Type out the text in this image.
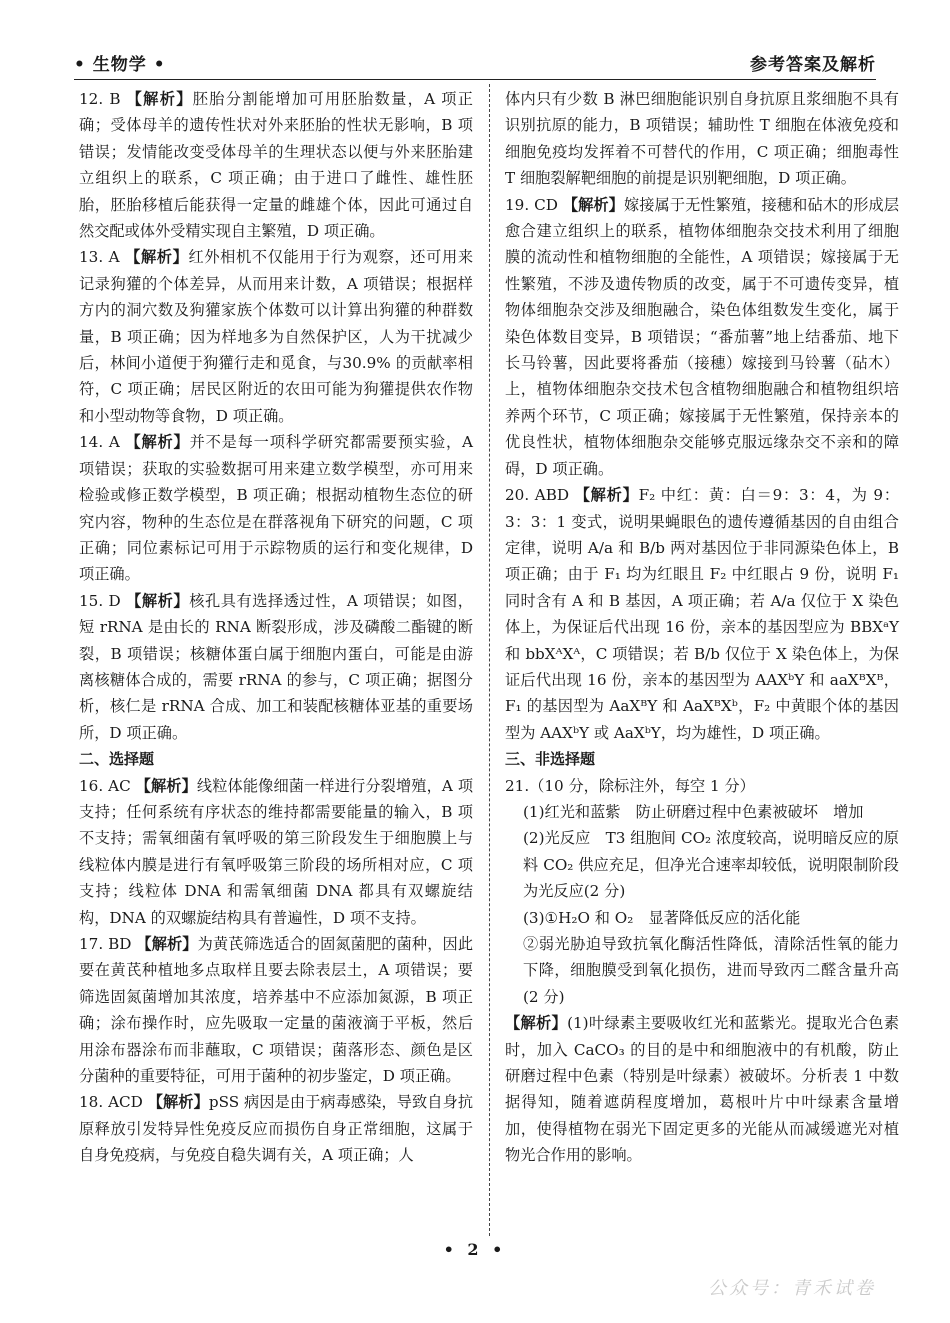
• 生物学 •	参考答案及解析

12. B 【解析】胚胎分割能增加可用胚胎数量，A 项正确；受体母羊的遗传性状对外来胚胎的性状无影响，B 项错误；发情能改变受体母羊的生理状态以便与外来胚胎建立组织上的联系，C 项正确；由于进口了雌性、雄性胚胎，胚胎移植后能获得一定量的雌雄个体，因此可通过自然交配或体外受精实现自主繁殖，D 项正确。

13. A 【解析】红外相机不仅能用于行为观察，还可用来记录狗獾的个体差异，从而用来计数，A 项错误；根据样方内的洞穴数及狗獾家族个体数可以计算出狗獾的种群数量，B 项正确；因为样地多为自然保护区，人为干扰减少后，林间小道便于狗獾行走和觅食，与30.9% 的贡献率相符，C 项正确；居民区附近的农田可能为狗獾提供农作物和小型动物等食物，D 项正确。

14. A 【解析】并不是每一项科学研究都需要预实验，A 项错误；获取的实验数据可用来建立数学模型，亦可用来检验或修正数学模型，B 项正确；根据动植物生态位的研究内容，物种的生态位是在群落视角下研究的问题，C 项正确；同位素标记可用于示踪物质的运行和变化规律，D 项正确。

15. D 【解析】核孔具有选择透过性，A 项错误；如图，短 rRNA 是由长的 RNA 断裂形成，涉及磷酸二酯键的断裂，B 项错误；核糖体蛋白属于细胞内蛋白，可能是由游离核糖体合成的，需要 rRNA 的参与，C 项正确；据图分析，核仁是 rRNA 合成、加工和装配核糖体亚基的重要场所，D 项正确。

二、选择题

16. AC 【解析】线粒体能像细菌一样进行分裂增殖，A 项支持；任何系统有序状态的维持都需要能量的输入，B 项不支持；需氧细菌有氧呼吸的第三阶段发生于细胞膜上与线粒体内膜是进行有氧呼吸第三阶段的场所相对应，C 项支持；线粒体 DNA 和需氧细菌 DNA 都具有双螺旋结构，DNA 的双螺旋结构具有普遍性，D 项不支持。

17. BD 【解析】为黄芪筛选适合的固氮菌肥的菌种，因此要在黄芪种植地多点取样且要去除表层土，A 项错误；要筛选固氮菌增加其浓度，培养基中不应添加氮源，B 项正确；涂布操作时，应先吸取一定量的菌液滴于平板，然后用涂布器涂布而非蘸取，C 项错误；菌落形态、颜色是区分菌种的重要特征，可用于菌种的初步鉴定，D 项正确。

18. ACD 【解析】pSS 病因是由于病毒感染，导致自身抗原释放引发特异性免疫反应而损伤自身正常细胞，这属于自身免疫病，与免疫自稳失调有关，A 项正确；人

体内只有少数 B 淋巴细胞能识别自身抗原且浆细胞不具有识别抗原的能力，B 项错误；辅助性 T 细胞在体液免疫和细胞免疫均发挥着不可替代的作用，C 项正确；细胞毒性 T 细胞裂解靶细胞的前提是识别靶细胞，D 项正确。

19. CD 【解析】嫁接属于无性繁殖，接穗和砧木的形成层愈合建立组织上的联系，植物体细胞杂交技术利用了细胞膜的流动性和植物细胞的全能性，A 项错误；嫁接属于无性繁殖，不涉及遗传物质的改变，属于不可遗传变异，植物体细胞杂交涉及细胞融合，染色体组数发生变化，属于染色体数目变异，B 项错误；“番茄薯”地上结番茄、地下长马铃薯，因此要将番茄（接穗）嫁接到马铃薯（砧木）上，植物体细胞杂交技术包含植物细胞融合和植物组织培养两个环节，C 项正确；嫁接属于无性繁殖，保持亲本的优良性状，植物体细胞杂交能够克服远缘杂交不亲和的障碍，D 项正确。

20. ABD 【解析】F₂ 中红：黄：白＝9：3：4，为 9：3：3：1 变式，说明果蝇眼色的遗传遵循基因的自由组合定律，说明 A/a 和 B/b 两对基因位于非同源染色体上，B 项正确；由于 F₁ 均为红眼且 F₂ 中红眼占 9 份，说明 F₁ 同时含有 A 和 B 基因，A 项正确；若 A/a 仅位于 X 染色体上，为保证后代出现 16 份，亲本的基因型应为 BBXᵃY 和 bbXᴬXᴬ，C 项错误；若 B/b 仅位于 X 染色体上，为保证后代出现 16 份，亲本的基因型为 AAXᵇY 和 aaXᴮXᴮ，F₁ 的基因型为 AaXᴮY 和 AaXᴮXᵇ，F₂ 中黄眼个体的基因型为 AAXᵇY 或 AaXᵇY，均为雄性，D 项正确。

三、非选择题

21.（10 分，除标注外，每空 1 分）

(1)红光和蓝紫　防止研磨过程中色素被破坏　增加

(2)光反应　T3 组胞间 CO₂ 浓度较高，说明暗反应的原料 CO₂ 供应充足，但净光合速率却较低，说明限制阶段为光反应(2 分)

(3)①H₂O 和 O₂　显著降低反应的活化能

②弱光胁迫导致抗氧化酶活性降低，清除活性氧的能力下降，细胞膜受到氧化损伤，进而导致丙二醛含量升高(2 分)

【解析】(1)叶绿素主要吸收红光和蓝紫光。提取光合色素时，加入 CaCO₃ 的目的是中和细胞液中的有机酸，防止研磨过程中色素（特别是叶绿素）被破坏。分析表 1 中数据得知，随着遮荫程度增加，葛根叶片中叶绿素含量增加，使得植物在弱光下固定更多的光能从而减缓遮光对植物光合作用的影响。

• 2 •
公众号：青禾试卷
